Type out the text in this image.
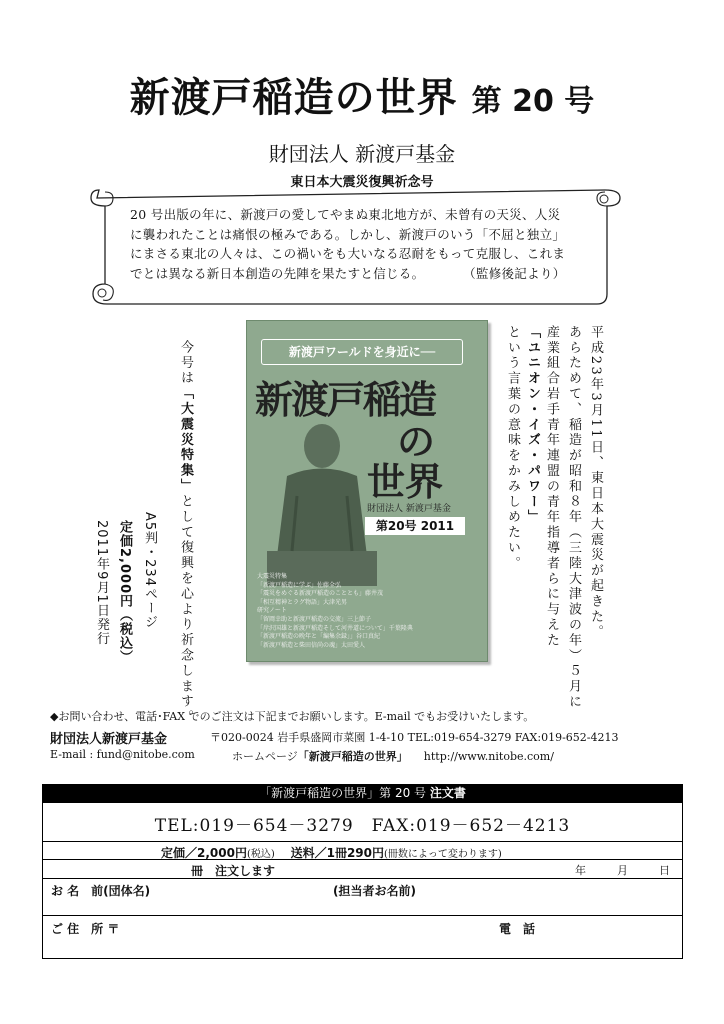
新渡戸稲造の世界 第 20 号
財団法人 新渡戸基金
東日本大震災復興祈念号
20 号出版の年に、新渡戸の愛してやまぬ東北地方が、未曾有の天災、人災
に襲われたことは痛恨の極みである。しかし、新渡戸のいう「不屈と独立」
にまさる東北の人々は、この禍いをも大いなる忍耐をもって克服し、これま
でとは異なる新日本創造の先陣を果たすと信じる。　　　　（監修後記より）
平成23年3月11日、東日本大震災が起きた。
あらためて、稲造が昭和８年（三陸大津波の年）５月に
産業組合岩手青年連盟の青年指導者らに与えた
「ユニオン・イズ・パワー」
という言葉の意味をかみしめたい。
今号は「大震災特集」として復興を心より祈念します。
A5判・234ページ
定価2,000円（税込）
2011年9月1日発行
新渡戸ワールドを身近に──
新渡戸稲造
の
世界
財団法人 新渡戸基金
第20号 2011
大震災特集
「新渡戸稲造に学ぶ」佐藤全弘
「震災をめぐる新渡戸稲造のこととも」藤井茂
「相互精神とラグ物語」大津光男
研究ノート
「留岡幸助と新渡戸稲造の交流」三上節子
「岸沢国雄と新渡戸稲造そして河井道について」千葉隆典
「新渡戸稲造の晩年と「編集余録」」谷口真紀
「新渡戸稲造と柴田信尚の魂」太田愛人
◆お問い合わせ、電話･FAX でのご注文は下記までお願いします。E-mail でもお受けいたします。
財団法人新渡戸基金	〒020-0024 岩手県盛岡市菜園 1-4-10 TEL:019-654-3279 FAX:019-652-4213
E-mail : fund@nitobe.com	ホームページ「新渡戸稲造の世界」 http://www.nitobe.com/
「新渡戸稲造の世界」第 20 号 注文書
TEL:019－654－3279　FAX:019－652－4213
定価／2,000円(税込) 送料／1冊290円(冊数によって変わります)
冊　注文します	年	月	日
お 名　前(団体名)	(担当者お名前)
ご 住　所 〒	電　話
